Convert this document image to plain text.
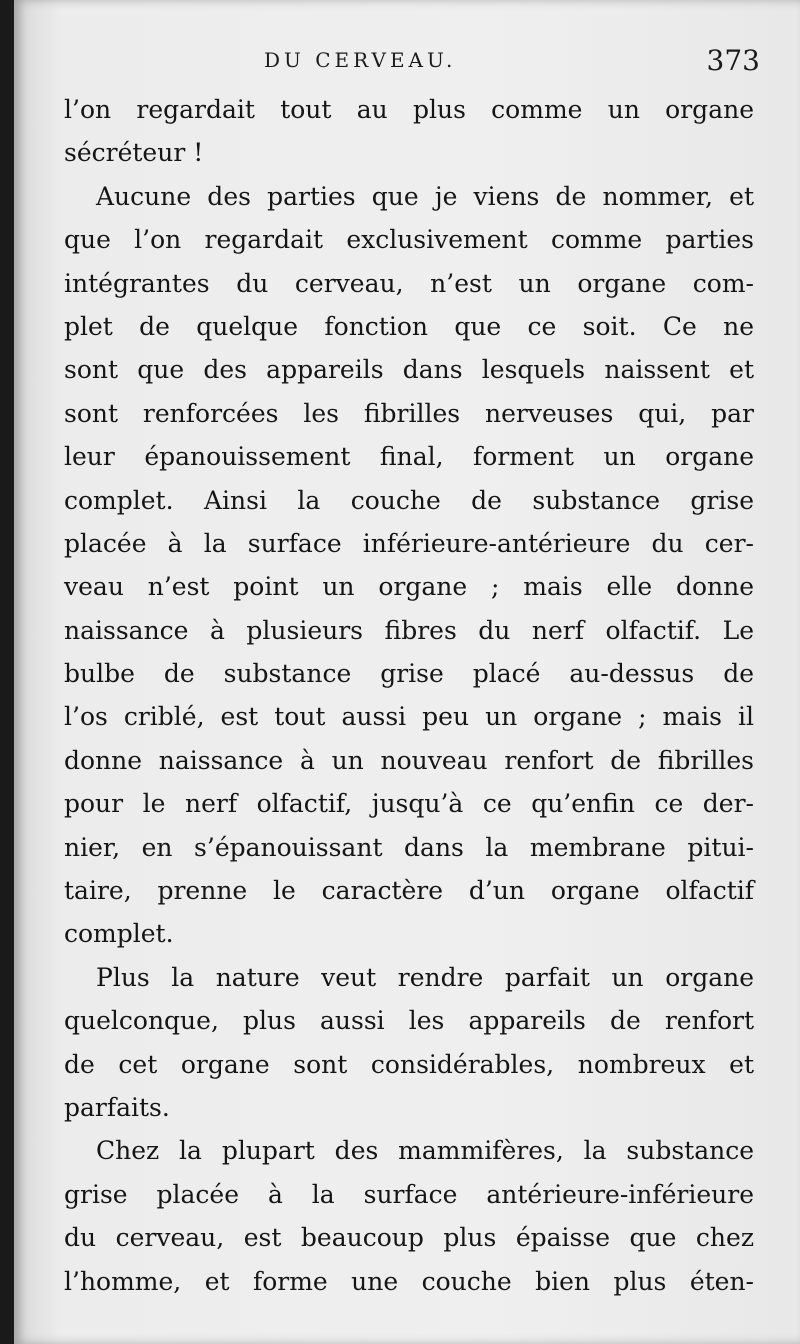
DU CERVEAU.	373
l’on regardait tout au plus comme un organe
sécréteur !
Aucune des parties que je viens de nommer, et
que l’on regardait exclusivement comme parties
intégrantes du cerveau, n’est un organe com-
plet de quelque fonction que ce soit. Ce ne
sont que des appareils dans lesquels naissent et
sont renforcées les fibrilles nerveuses qui, par
leur épanouissement final, forment un organe
complet. Ainsi la couche de substance grise
placée à la surface inférieure-antérieure du cer-
veau n’est point un organe ; mais elle donne
naissance à plusieurs fibres du nerf olfactif. Le
bulbe de substance grise placé au-dessus de
l’os criblé, est tout aussi peu un organe ; mais il
donne naissance à un nouveau renfort de fibrilles
pour le nerf olfactif, jusqu’à ce qu’enfin ce der-
nier, en s’épanouissant dans la membrane pitui-
taire, prenne le caractère d’un organe olfactif
complet.
Plus la nature veut rendre parfait un organe
quelconque, plus aussi les appareils de renfort
de cet organe sont considérables, nombreux et
parfaits.
Chez la plupart des mammifères, la substance
grise placée à la surface antérieure-inférieure
du cerveau, est beaucoup plus épaisse que chez
l’homme, et forme une couche bien plus éten-
